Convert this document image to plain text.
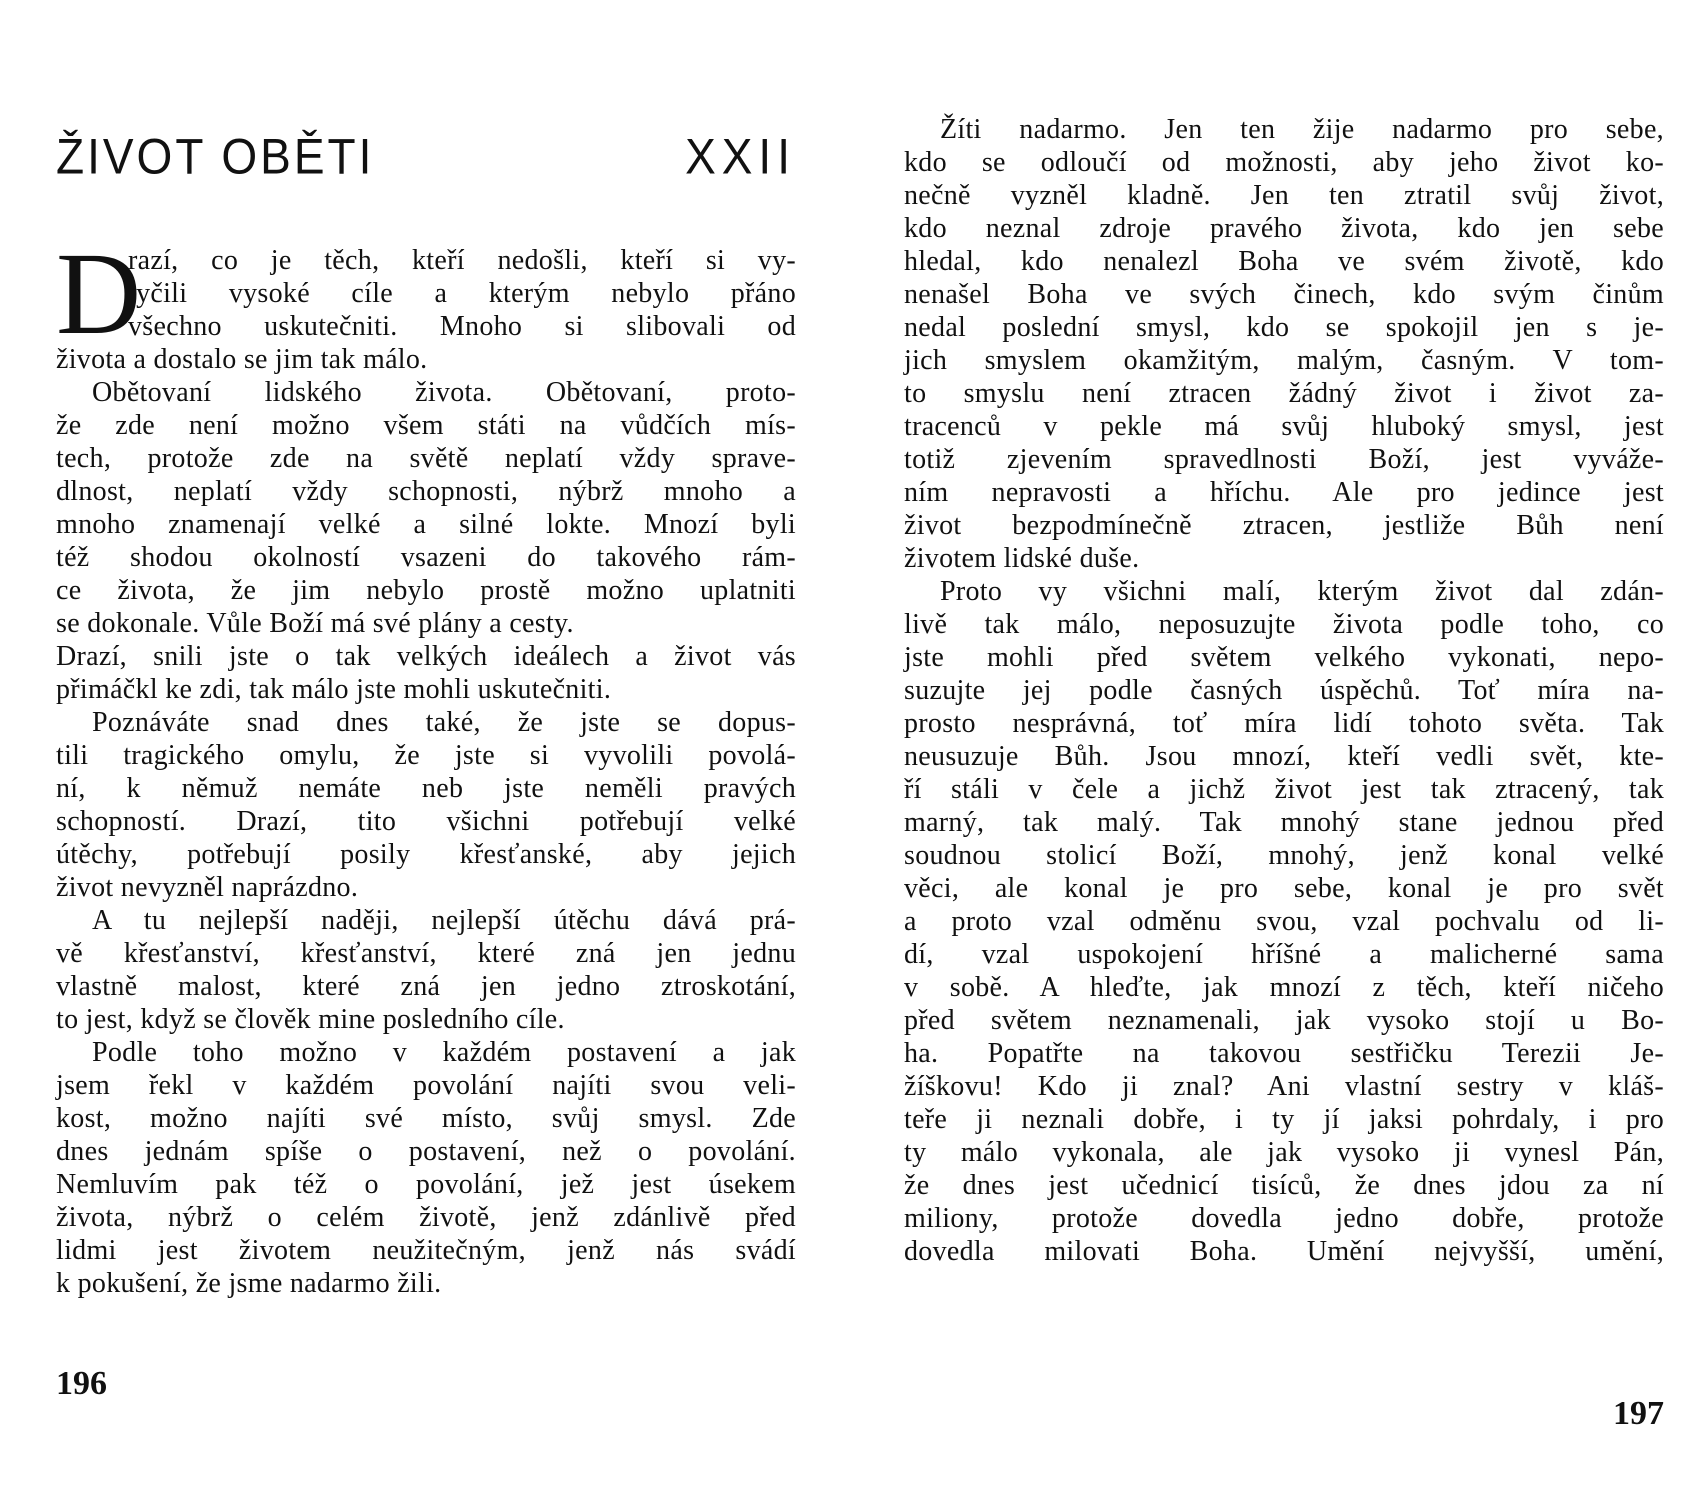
ŽIVOT OBĚTI	XXII
D
razí, co je těch, kteří nedošli, kteří si vy-
tyčili vysoké cíle a kterým nebylo přáno
všechno uskutečniti. Mnoho si slibovali od
života a dostalo se jim tak málo.
Obětovaní lidského života. Obětovaní, proto-
že zde není možno všem státi na vůdčích mís-
tech, protože zde na světě neplatí vždy sprave-
dlnost, neplatí vždy schopnosti, nýbrž mnoho a
mnoho znamenají velké a silné lokte. Mnozí byli
též shodou okolností vsazeni do takového rám-
ce života, že jim nebylo prostě možno uplatniti
se dokonale. Vůle Boží má své plány a cesty.
Drazí, snili jste o tak velkých ideálech a život vás
přimáčkl ke zdi, tak málo jste mohli uskutečniti.
Poznáváte snad dnes také, že jste se dopus-
tili tragického omylu, že jste si vyvolili povolá-
ní, k němuž nemáte neb jste neměli pravých
schopností. Drazí, tito všichni potřebují velké
útěchy, potřebují posily křesťanské, aby jejich
život nevyzněl naprázdno.
A tu nejlepší naději, nejlepší útěchu dává prá-
vě křesťanství, křesťanství, které zná jen jednu
vlastně malost, které zná jen jedno ztroskotání,
to jest, když se člověk mine posledního cíle.
Podle toho možno v každém postavení a jak
jsem řekl v každém povolání najíti svou veli-
kost, možno najíti své místo, svůj smysl. Zde
dnes jednám spíše o postavení, než o povolání.
Nemluvím pak též o povolání, jež jest úsekem
života, nýbrž o celém životě, jenž zdánlivě před
lidmi jest životem neužitečným, jenž nás svádí
k pokušení, že jsme nadarmo žili.
196
Žíti nadarmo. Jen ten žije nadarmo pro sebe,
kdo se odloučí od možnosti, aby jeho život ko-
nečně vyzněl kladně. Jen ten ztratil svůj život,
kdo neznal zdroje pravého života, kdo jen sebe
hledal, kdo nenalezl Boha ve svém životě, kdo
nenašel Boha ve svých činech, kdo svým činům
nedal poslední smysl, kdo se spokojil jen s je-
jich smyslem okamžitým, malým, časným. V tom-
to smyslu není ztracen žádný život i život za-
tracenců v pekle má svůj hluboký smysl, jest
totiž zjevením spravedlnosti Boží, jest vyváže-
ním nepravosti a hříchu. Ale pro jedince jest
život bezpodmínečně ztracen, jestliže Bůh není
životem lidské duše.
Proto vy všichni malí, kterým život dal zdán-
livě tak málo, neposuzujte života podle toho, co
jste mohli před světem velkého vykonati, nepo-
suzujte jej podle časných úspěchů. Toť míra na-
prosto nesprávná, toť míra lidí tohoto světa. Tak
neusuzuje Bůh. Jsou mnozí, kteří vedli svět, kte-
ří stáli v čele a jichž život jest tak ztracený, tak
marný, tak malý. Tak mnohý stane jednou před
soudnou stolicí Boží, mnohý, jenž konal velké
věci, ale konal je pro sebe, konal je pro svět
a proto vzal odměnu svou, vzal pochvalu od li-
dí, vzal uspokojení hříšné a malicherné sama
v sobě. A hleďte, jak mnozí z těch, kteří ničeho
před světem neznamenali, jak vysoko stojí u Bo-
ha. Popatřte na takovou sestřičku Terezii Je-
žíškovu! Kdo ji znal? Ani vlastní sestry v kláš-
teře ji neznali dobře, i ty jí jaksi pohrdaly, i pro
ty málo vykonala, ale jak vysoko ji vynesl Pán,
že dnes jest učednicí tisíců, že dnes jdou za ní
miliony, protože dovedla jedno dobře, protože
dovedla milovati Boha. Umění nejvyšší, umění,
197
